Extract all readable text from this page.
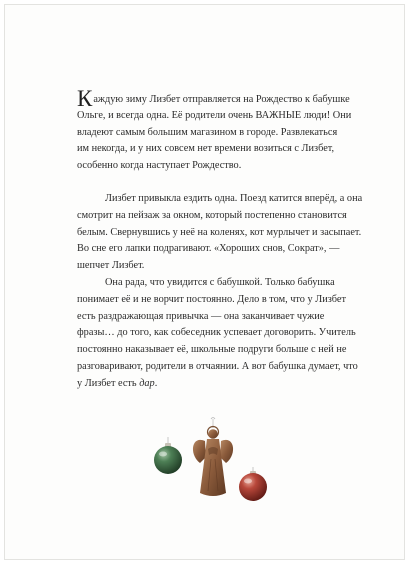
Каждую зиму Лизбет отправляется на Рождество к бабушке
Ольге, и всегда одна. Её родители очень ВАЖНЫЕ люди! Они
владеют самым большим магазином в городе. Развлекаться
им некогда, и у них совсем нет времени возиться с Лизбет,
особенно когда наступает Рождество.
Лизбет привыкла ездить одна. Поезд катится вперёд, а она
смотрит на пейзаж за окном, который постепенно становится
белым. Свернувшись у неё на коленях, кот мурлычет и засыпает.
Во сне его лапки подрагивают. «Хороших снов, Сократ», —
шепчет Лизбет.
Она рада, что увидится с бабушкой. Только бабушка
понимает её и не ворчит постоянно. Дело в том, что у Лизбет
есть раздражающая привычка — она заканчивает чужие
фразы… до того, как собеседник успевает договорить. Учитель
постоянно наказывает её, школьные подруги больше с ней не
разговаривают, родители в отчаянии. А вот бабушка думает, что
у Лизбет есть дар.
